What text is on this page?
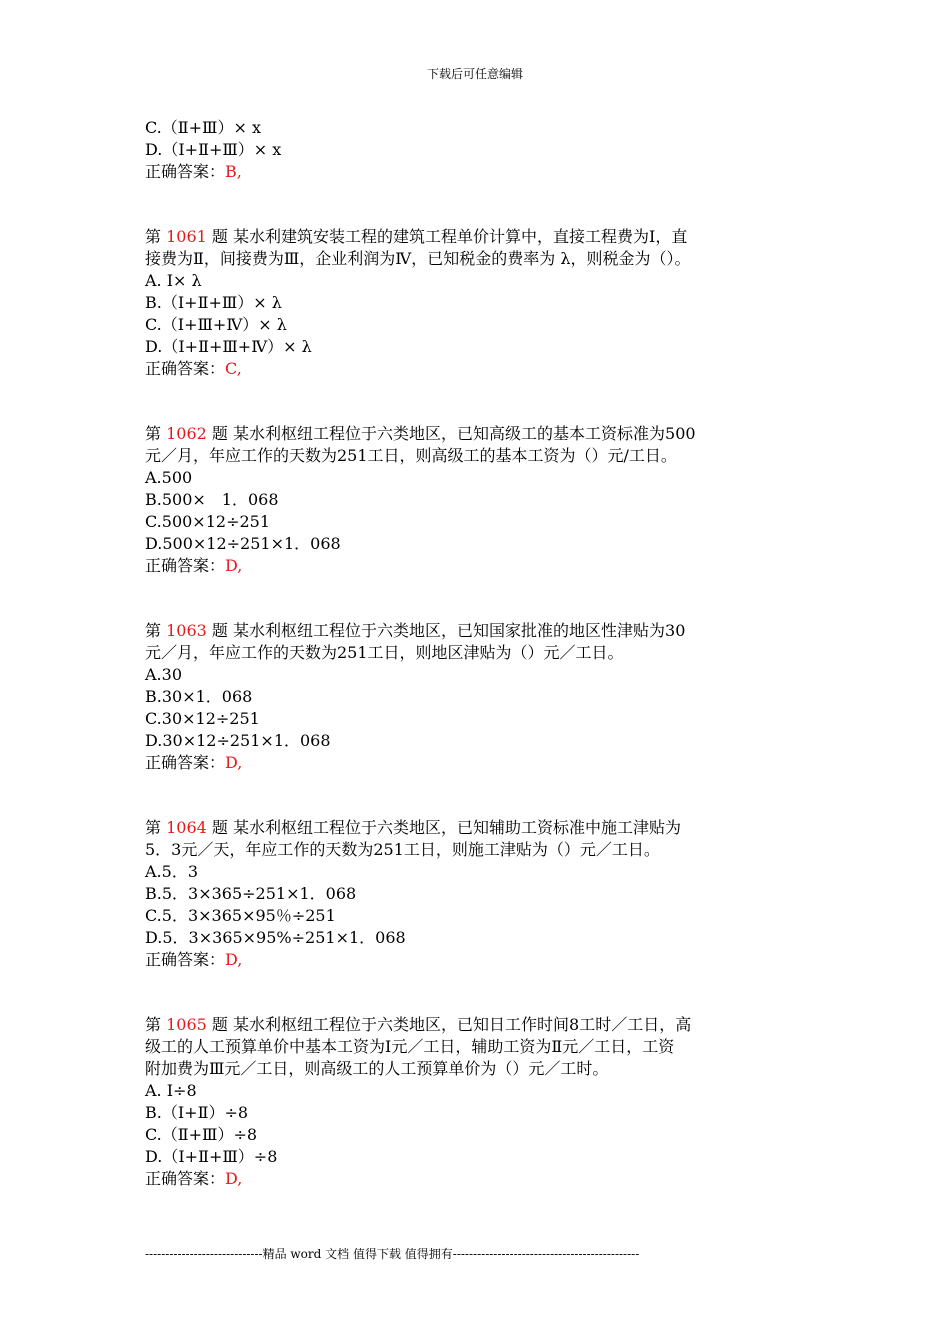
下载后可任意编辑
C.（Ⅱ+Ⅲ）× x
D.（Ⅰ+Ⅱ+Ⅲ）× x
正确答案：B,
第 1061 题 某水利建筑安装工程的建筑工程单价计算中，直接工程费为Ⅰ，直
接费为Ⅱ，间接费为Ⅲ，企业利润为Ⅳ，已知税金的费率为 λ，则税金为（）。
A. Ⅰ× λ
B.（Ⅰ+Ⅱ+Ⅲ）× λ
C.（Ⅰ+Ⅲ+Ⅳ）× λ
D.（Ⅰ+Ⅱ+Ⅲ+Ⅳ）× λ
正确答案：C,
第 1062 题 某水利枢纽工程位于六类地区，已知高级工的基本工资标准为500
元／月，年应工作的天数为251工日，则高级工的基本工资为（）元/工日。
A.500
B.500×　1．068
C.500×12÷251
D.500×12÷251×1．068
正确答案：D,
第 1063 题 某水利枢纽工程位于六类地区，已知国家批准的地区性津贴为30
元／月，年应工作的天数为251工日，则地区津贴为（）元／工日。
A.30
B.30×1．068
C.30×12÷251
D.30×12÷251×1．068
正确答案：D,
第 1064 题 某水利枢纽工程位于六类地区，已知辅助工资标准中施工津贴为
5．3元／天，年应工作的天数为251工日，则施工津贴为（）元／工日。
A.5．3
B.5．3×365÷251×1．068
C.5．3×365×95％÷251
D.5．3×365×95%÷251×1．068
正确答案：D,
第 1065 题 某水利枢纽工程位于六类地区，已知日工作时间8工时／工日，高
级工的人工预算单价中基本工资为Ⅰ元／工日，辅助工资为Ⅱ元／工日，工资
附加费为Ⅲ元／工日，则高级工的人工预算单价为（）元／工时。
A. Ⅰ÷8
B.（Ⅰ+Ⅱ）÷8
C.（Ⅱ+Ⅲ）÷8
D.（Ⅰ+Ⅱ+Ⅲ）÷8
正确答案：D,
-----------------------------精品 word 文档 值得下载 值得拥有----------------------------------------------
